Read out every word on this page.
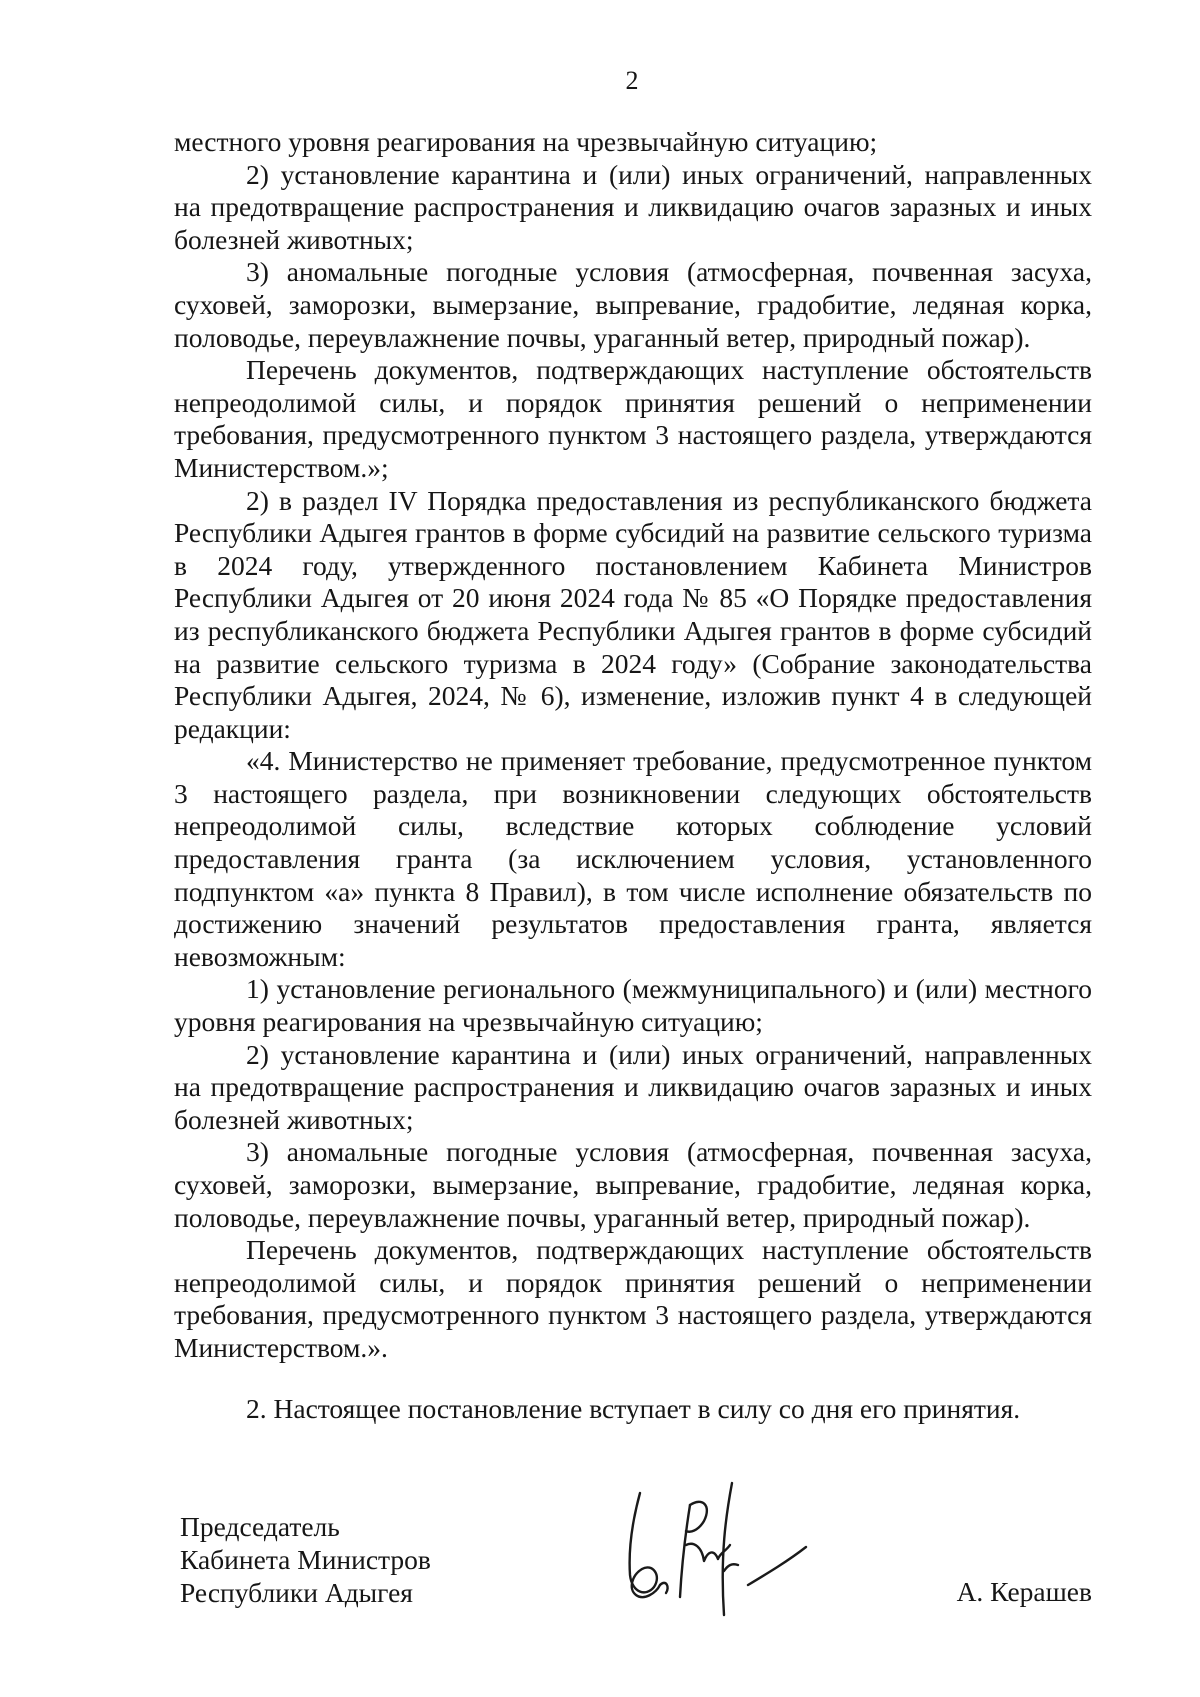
2

местного уровня реагирования на чрезвычайную ситуацию;

2) установление карантина и (или) иных ограничений, направленных на предотвращение распространения и ликвидацию очагов заразных и иных болезней животных;

3) аномальные погодные условия (атмосферная, почвенная засуха, суховей, заморозки, вымерзание, выпревание, градобитие, ледяная корка, половодье, переувлажнение почвы, ураганный ветер, природный пожар).

Перечень документов, подтверждающих наступление обстоятельств непреодолимой силы, и порядок принятия решений о неприменении требования, предусмотренного пунктом 3 настоящего раздела, утверждаются Министерством.»;

2) в раздел IV Порядка предоставления из республиканского бюджета Республики Адыгея грантов в форме субсидий на развитие сельского туризма в 2024 году, утвержденного постановлением Кабинета Министров Республики Адыгея от 20 июня 2024 года № 85 «О Порядке предоставления из республиканского бюджета Республики Адыгея грантов в форме субсидий на развитие сельского туризма в 2024 году» (Собрание законодательства Республики Адыгея, 2024, № 6), изменение, изложив пункт 4 в следующей редакции:

«4. Министерство не применяет требование, предусмотренное пунктом 3 настоящего раздела, при возникновении следующих обстоятельств непреодолимой силы, вследствие которых соблюдение условий предоставления гранта (за исключением условия, установленного подпунктом «а» пункта 8 Правил), в том числе исполнение обязательств по достижению значений результатов предоставления гранта, является невозможным:

1) установление регионального (межмуниципального) и (или) местного уровня реагирования на чрезвычайную ситуацию;

2) установление карантина и (или) иных ограничений, направленных на предотвращение распространения и ликвидацию очагов заразных и иных болезней животных;

3) аномальные погодные условия (атмосферная, почвенная засуха, суховей, заморозки, вымерзание, выпревание, градобитие, ледяная корка, половодье, переувлажнение почвы, ураганный ветер, природный пожар).

Перечень документов, подтверждающих наступление обстоятельств непреодолимой силы, и порядок принятия решений о неприменении требования, предусмотренного пунктом 3 настоящего раздела, утверждаются Министерством.».

2. Настоящее постановление вступает в силу со дня его принятия.

Председатель
Кабинета Министров
Республики Адыгея	А. Керашев
